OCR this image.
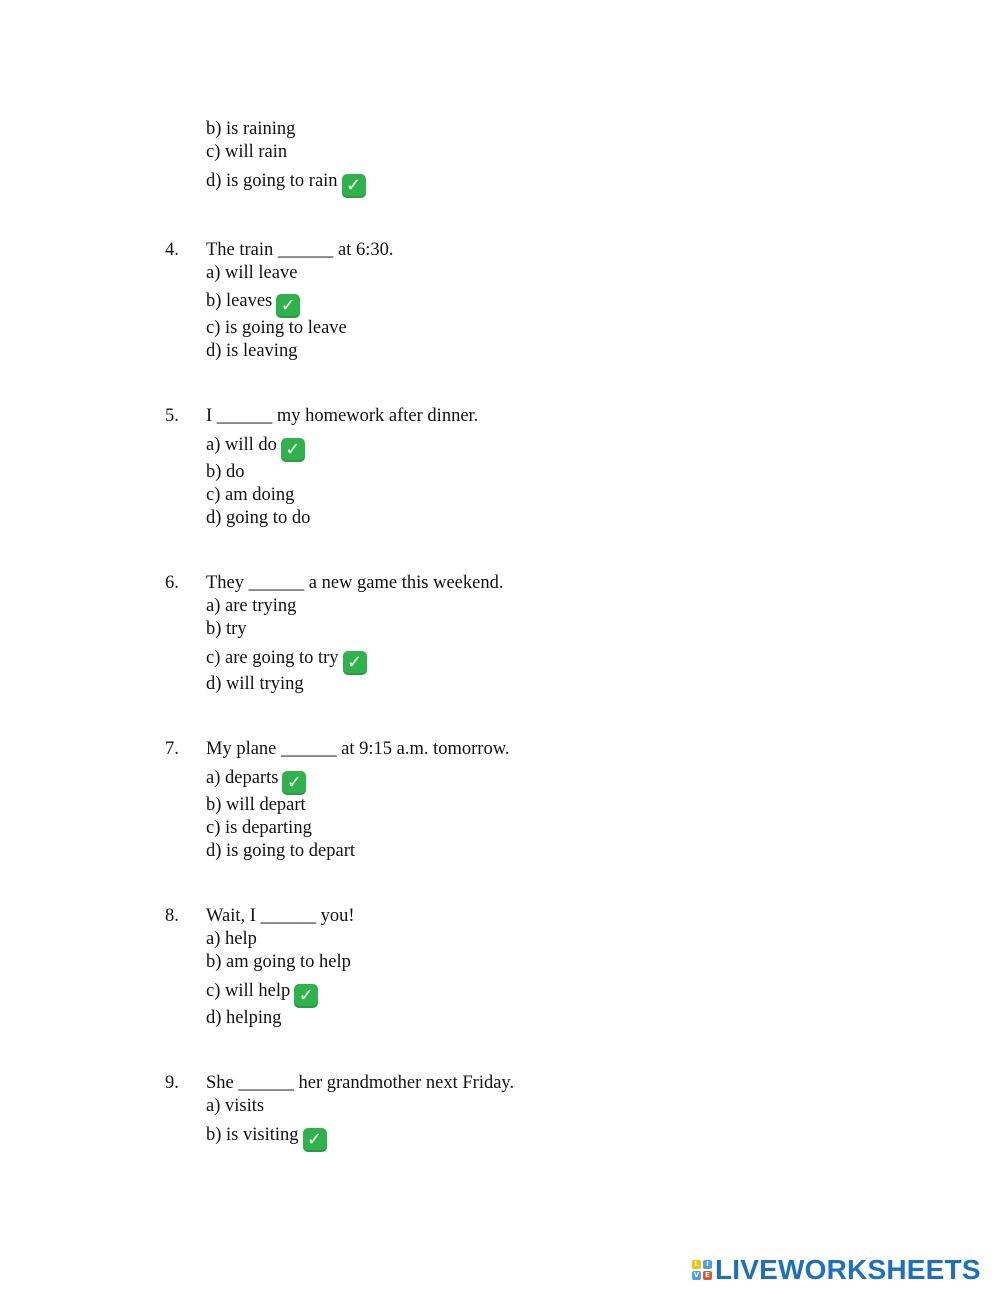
b) is raining
c) will rain
d) is going to rain ✓
4. The train ______ at 6:30.
a) will leave
b) leaves ✓
c) is going to leave
d) is leaving
5. I ______ my homework after dinner.
a) will do ✓
b) do
c) am doing
d) going to do
6. They ______ a new game this weekend.
a) are trying
b) try
c) are going to try ✓
d) will trying
7. My plane ______ at 9:15 a.m. tomorrow.
a) departs ✓
b) will depart
c) is departing
d) is going to depart
8. Wait, I ______ you!
a) help
b) am going to help
c) will help ✓
d) helping
9. She ______ her grandmother next Friday.
a) visits
b) is visiting ✓
L	I
V E LIVEWORKSHEETS
